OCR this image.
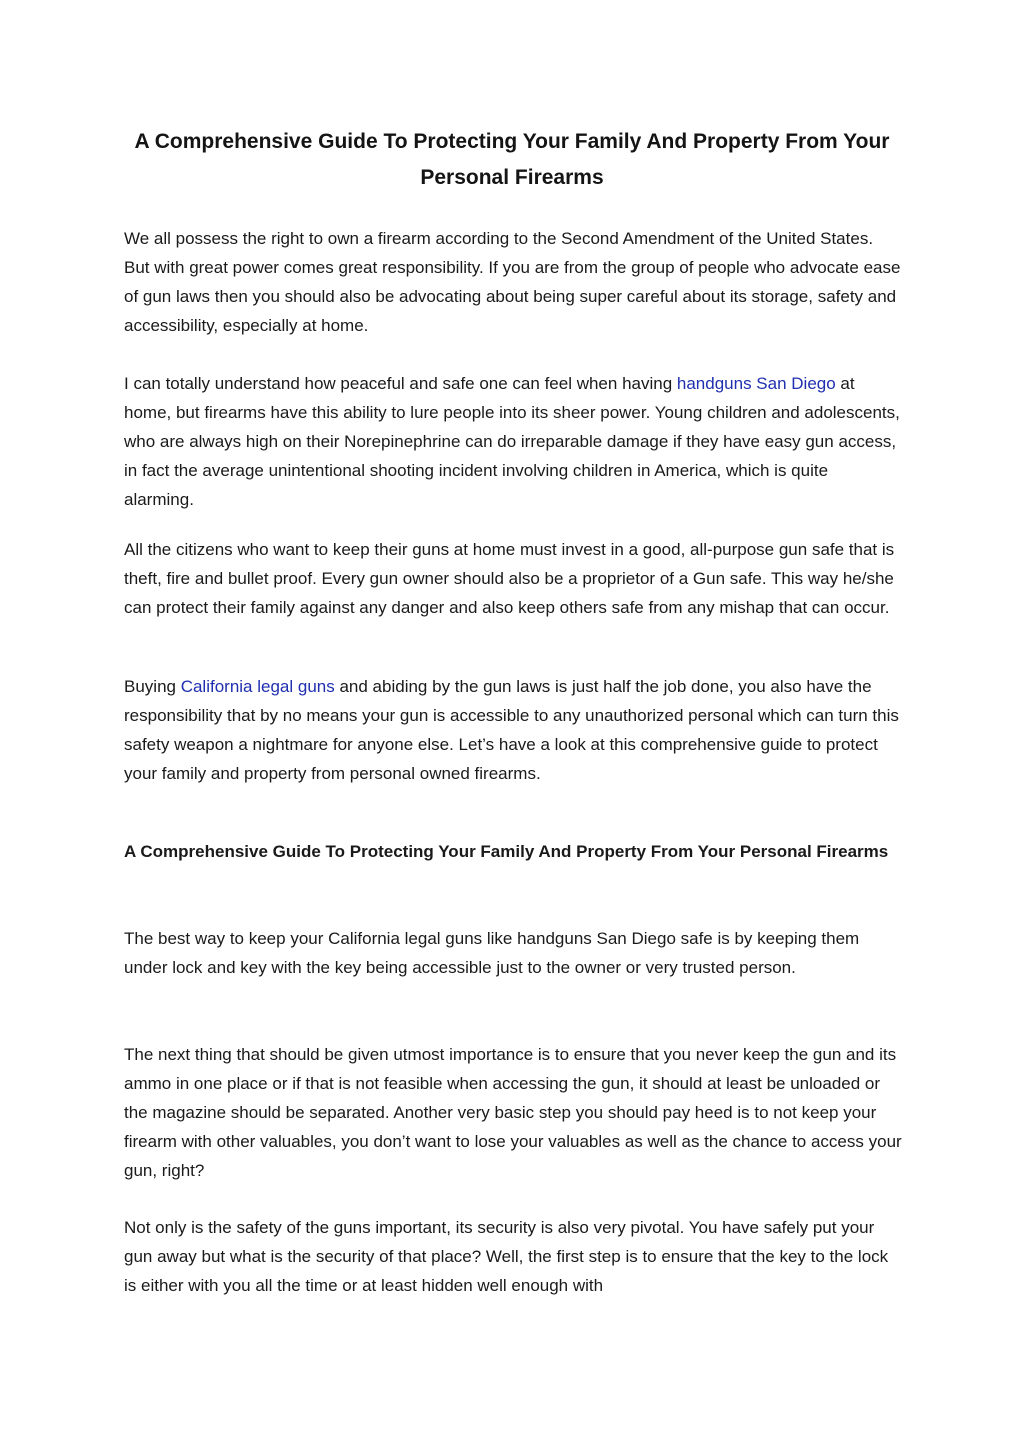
A Comprehensive Guide To Protecting Your Family And Property From Your Personal Firearms

We all possess the right to own a firearm according to the Second Amendment of the United States. But with great power comes great responsibility. If you are from the group of people who advocate ease of gun laws then you should also be advocating about being super careful about its storage, safety and accessibility, especially at home.

I can totally understand how peaceful and safe one can feel when having handguns San Diego at home, but firearms have this ability to lure people into its sheer power. Young children and adolescents, who are always high on their Norepinephrine can do irreparable damage if they have easy gun access, in fact the average unintentional shooting incident involving children in America, which is quite alarming.

All the citizens who want to keep their guns at home must invest in a good, all-purpose gun safe that is theft, fire and bullet proof. Every gun owner should also be a proprietor of a Gun safe. This way he/she can protect their family against any danger and also keep others safe from any mishap that can occur.

Buying California legal guns and abiding by the gun laws is just half the job done, you also have the responsibility that by no means your gun is accessible to any unauthorized personal which can turn this safety weapon a nightmare for anyone else. Let’s have a look at this comprehensive guide to protect your family and property from personal owned firearms.

A Comprehensive Guide To Protecting Your Family And Property From Your Personal Firearms

The best way to keep your California legal guns like handguns San Diego safe is by keeping them under lock and key with the key being accessible just to the owner or very trusted person.

The next thing that should be given utmost importance is to ensure that you never keep the gun and its ammo in one place or if that is not feasible when accessing the gun, it should at least be unloaded or the magazine should be separated. Another very basic step you should pay heed is to not keep your firearm with other valuables, you don’t want to lose your valuables as well as the chance to access your gun, right?

Not only is the safety of the guns important, its security is also very pivotal. You have safely put your gun away but what is the security of that place? Well, the first step is to ensure that the key to the lock is either with you all the time or at least hidden well enough with
